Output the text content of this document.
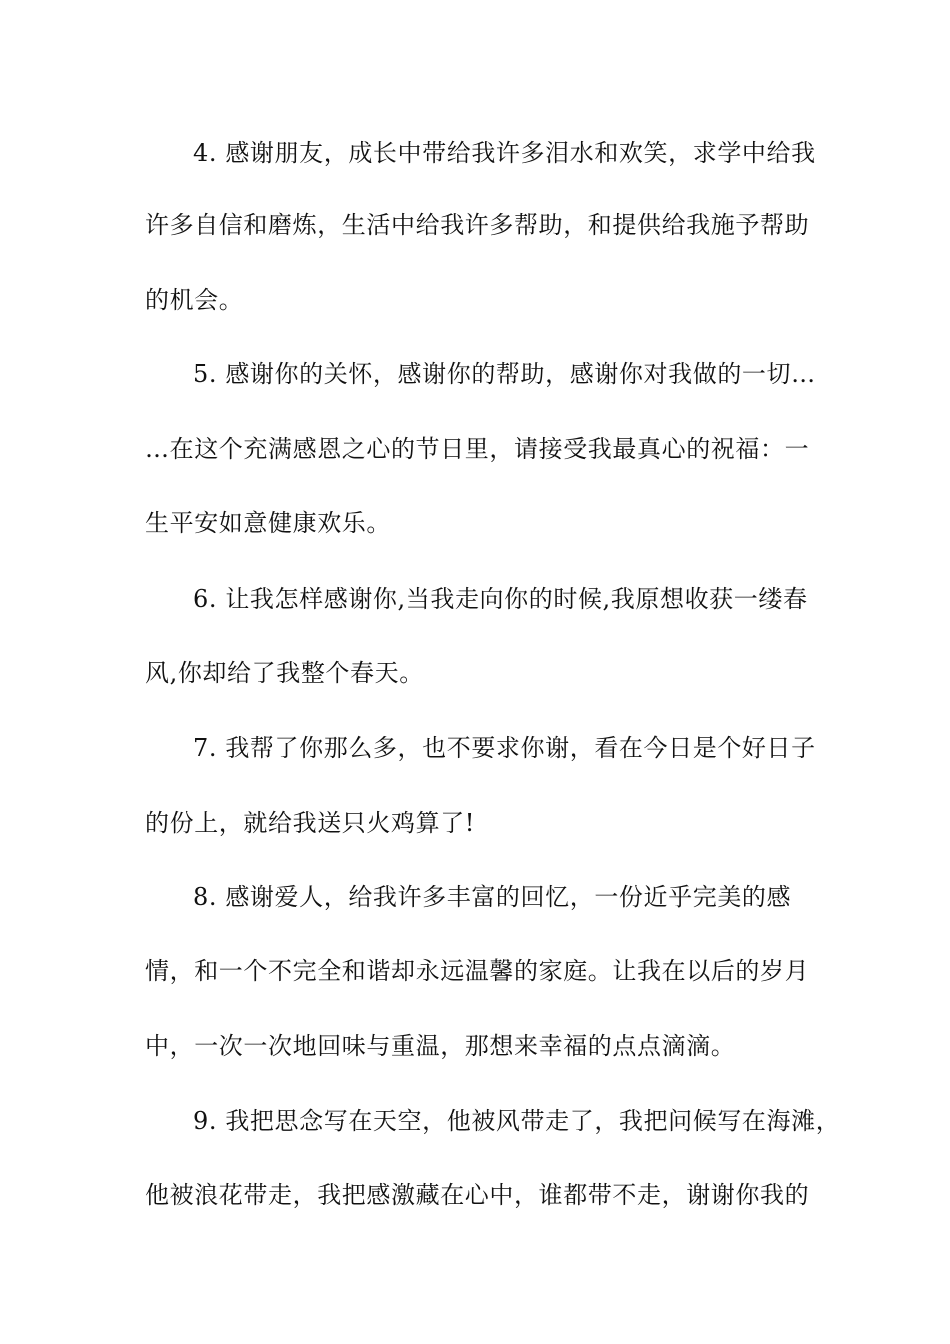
4. 感谢朋友，成长中带给我许多泪水和欢笑，求学中给我
许多自信和磨炼，生活中给我许多帮助，和提供给我施予帮助
的机会。
5. 感谢你的关怀，感谢你的帮助，感谢你对我做的一切…
…在这个充满感恩之心的节日里，请接受我最真心的祝福：一
生平安如意健康欢乐。
6. 让我怎样感谢你,当我走向你的时候,我原想收获一缕春
风,你却给了我整个春天。
7. 我帮了你那么多，也不要求你谢，看在今日是个好日子
的份上，就给我送只火鸡算了!
8. 感谢爱人，给我许多丰富的回忆，一份近乎完美的感
情，和一个不完全和谐却永远温馨的家庭。让我在以后的岁月
中，一次一次地回味与重温，那想来幸福的点点滴滴。
9. 我把思念写在天空，他被风带走了，我把问候写在海滩，
他被浪花带走，我把感激藏在心中，谁都带不走，谢谢你我的
